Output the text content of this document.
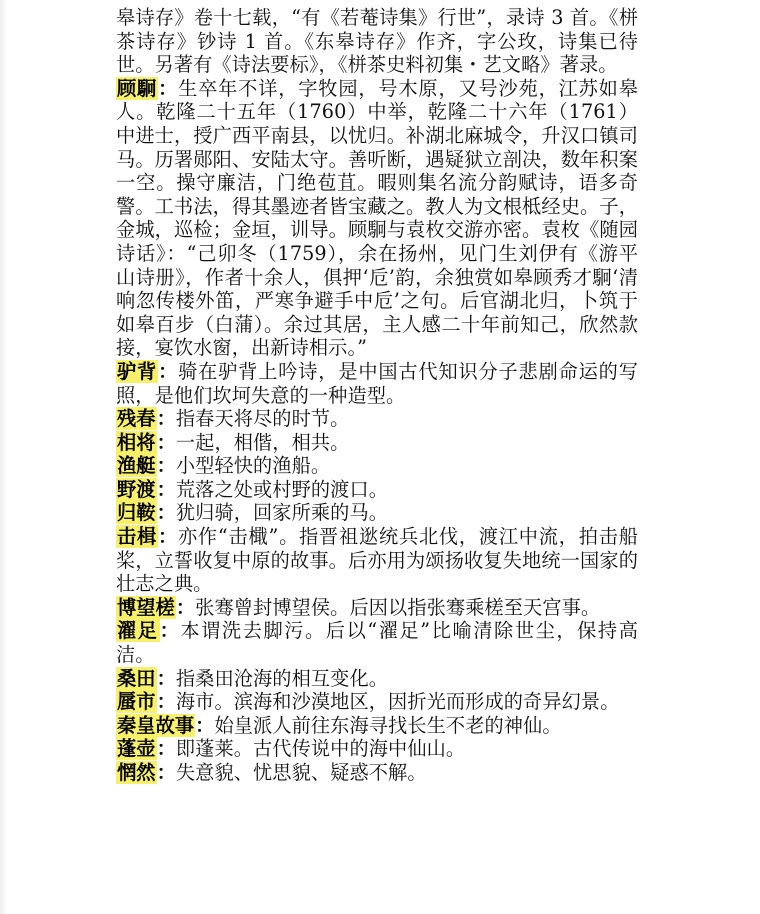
皋诗存》卷十七载，“有《若菴诗集》行世”，录诗 3 首。《栟茶诗存》钞诗 1 首。《东皋诗存》作齐，字公玫，诗集已待世。另著有《诗法要标》，《栟茶史料初集・艺文略》著录。

顾駉：生卒年不详，字牧园，号木原，又号沙苑，江苏如皋人。乾隆二十五年（1760）中举，乾隆二十六年（1761）中进士，授广西平南县，以忧归。补湖北麻城令，升汉口镇司马。历署郧阳、安陆太守。善听断，遇疑狱立剖决，数年积案一空。操守廉洁，门绝苞苴。暇则集名流分韵赋诗，语多奇警。工书法，得其墨迹者皆宝藏之。教人为文根柢经史。子，金城，巡检；金垣，训导。顾駉与袁枚交游亦密。袁枚《随园诗话》：“己卯冬（1759），余在扬州，见门生刘伊有《游平山诗册》，作者十余人，俱押‘卮’韵，余独赏如皋顾秀才駉‘清响忽传楼外笛，严寒争避手中卮’之句。后官湖北归，卜筑于如皋百步（白蒲）。余过其居，主人感二十年前知己，欣然款接，宴饮水窗，出新诗相示。”

驴背：骑在驴背上吟诗，是中国古代知识分子悲剧命运的写照，是他们坎坷失意的一种造型。

残春：指春天将尽的时节。

相将：一起，相偕，相共。

渔艇：小型轻快的渔船。

野渡：荒落之处或村野的渡口。

归鞍：犹归骑，回家所乘的马。

击楫：亦作“击檝”。指晋祖逖统兵北伐，渡江中流，拍击船桨，立誓收复中原的故事。后亦用为颂扬收复失地统一国家的壮志之典。

博望槎：张骞曾封博望侯。后因以指张骞乘槎至天宫事。

濯足：本谓洗去脚污。后以“濯足”比喻清除世尘，保持高洁。

桑田：指桑田沧海的相互变化。

蜃市：海市。滨海和沙漠地区，因折光而形成的奇异幻景。

秦皇故事：始皇派人前往东海寻找长生不老的神仙。

蓬壶：即蓬莱。古代传说中的海中仙山。

惘然：失意貌、忧思貌、疑惑不解。
